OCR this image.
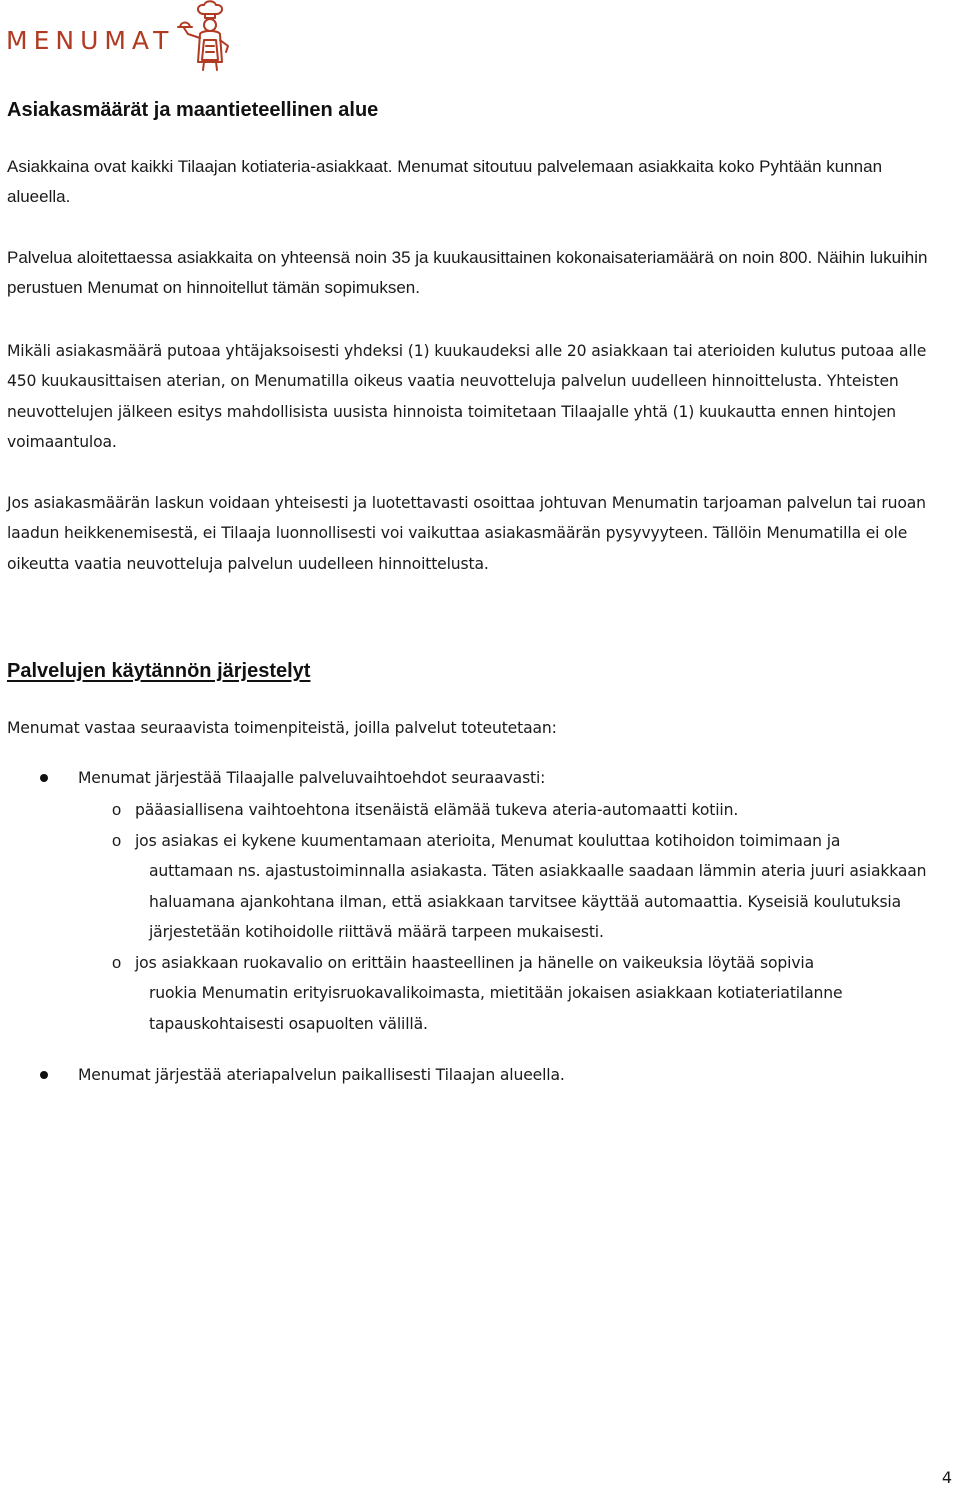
MENUMAT
Asiakasmäärät ja maantieteellinen alue

Asiakkaina ovat kaikki Tilaajan kotiateria-asiakkaat. Menumat sitoutuu palvelemaan asiakkaita koko Pyhtään kunnan alueella.

Palvelua aloitettaessa asiakkaita on yhteensä noin 35 ja kuukausittainen kokonaisateriamäärä on noin 800. Näihin lukuihin perustuen Menumat on hinnoitellut tämän sopimuksen.

Mikäli asiakasmäärä putoaa yhtäjaksoisesti yhdeksi (1) kuukaudeksi alle 20 asiakkaan tai aterioiden kulutus putoaa alle 450 kuukausittaisen aterian, on Menumatilla oikeus vaatia neuvotteluja palvelun uudelleen hinnoittelusta. Yhteisten neuvottelujen jälkeen esitys mahdollisista uusista hinnoista toimitetaan Tilaajalle yhtä (1) kuukautta ennen hintojen voimaantuloa.

Jos asiakasmäärän laskun voidaan yhteisesti ja luotettavasti osoittaa johtuvan Menumatin tarjoaman palvelun tai ruoan laadun heikkenemisestä, ei Tilaaja luonnollisesti voi vaikuttaa asiakasmäärän pysyvyyteen. Tällöin Menumatilla ei ole oikeutta vaatia neuvotteluja palvelun uudelleen hinnoittelusta.

Palvelujen käytännön järjestelyt

Menumat vastaa seuraavista toimenpiteistä, joilla palvelut toteutetaan:

Menumat järjestää Tilaajalle palveluvaihtoehdot seuraavasti:

o pääasiallisena vaihtoehtona itsenäistä elämää tukeva ateria-automaatti kotiin.

o jos asiakas ei kykene kuumentamaan aterioita, Menumat kouluttaa kotihoidon toimimaan ja
auttamaan ns. ajastustoiminnalla asiakasta. Täten asiakkaalle saadaan lämmin ateria juuri asiakkaan haluamana ajankohtana ilman, että asiakkaan tarvitsee käyttää automaattia. Kyseisiä koulutuksia järjestetään kotihoidolle riittävä määrä tarpeen mukaisesti.

o jos asiakkaan ruokavalio on erittäin haasteellinen ja hänelle on vaikeuksia löytää sopivia
ruokia Menumatin erityisruokavalikoimasta, mietitään jokaisen asiakkaan kotiateriatilanne tapauskohtaisesti osapuolten välillä.

Menumat järjestää ateriapalvelun paikallisesti Tilaajan alueella.

4
